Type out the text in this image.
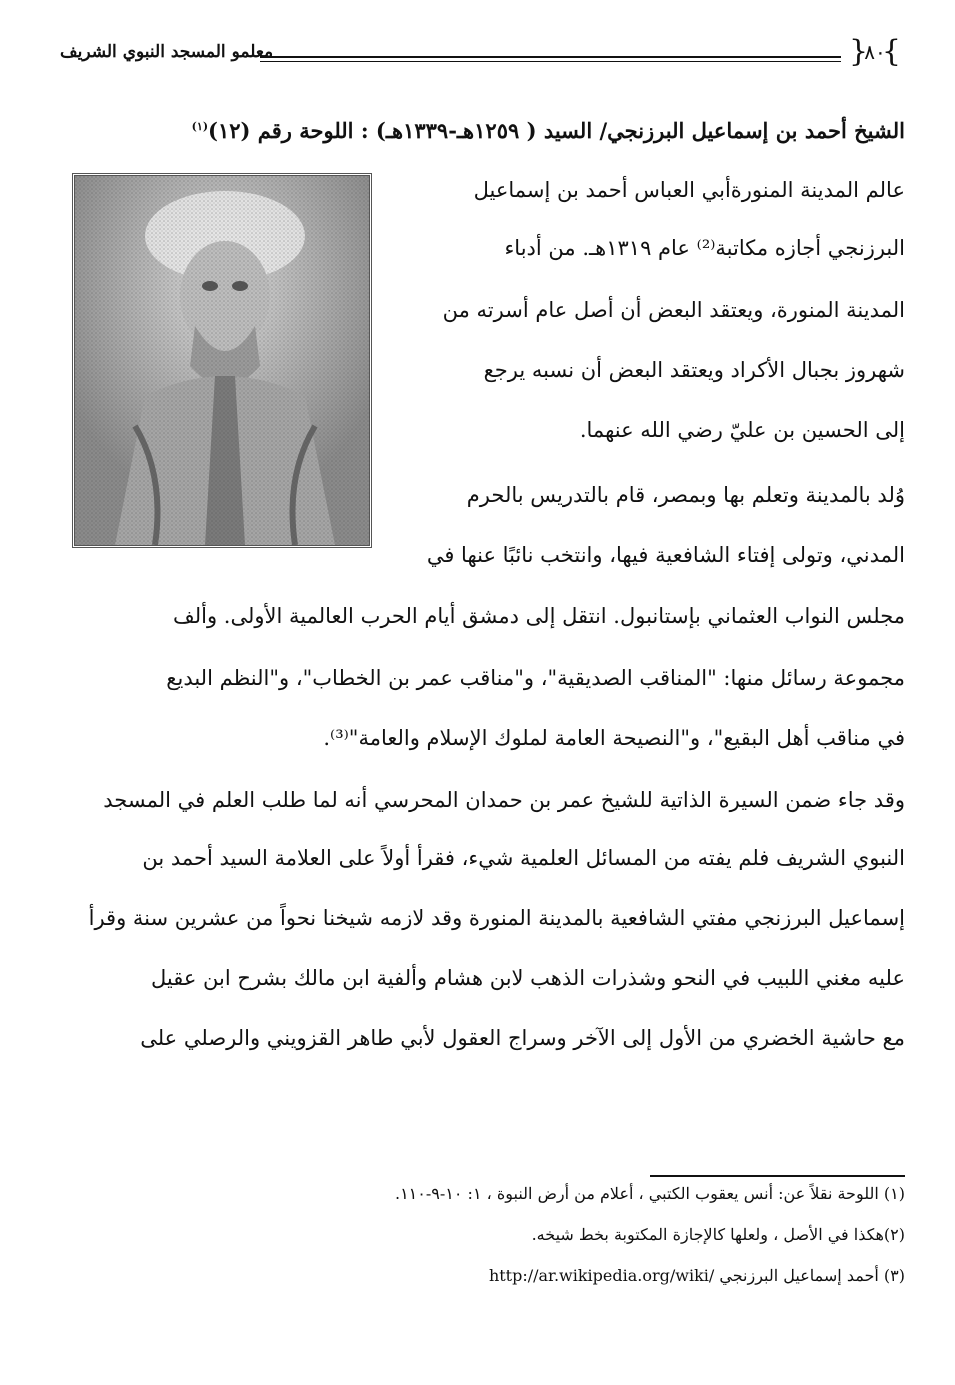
معلمو المسجد النبوي الشريف	{
٨٠
}
الشيخ أحمد بن إسماعيل البرزنجي/ السيد ( ١٢٥٩هـ-١٣٣٩هـ) : اللوحة رقم (١٢)$^{(١)}$
عالم المدينة المنورةأبي العباس أحمد بن إسماعيل
البرزنجي أجازه مكاتبة⁽²⁾ عام ١٣١٩هـ. من أدباء
المدينة المنورة، ويعتقد البعض أن أصل عام أسرته من
شهروز بجبال الأكراد ويعتقد البعض أن نسبه يرجع
إلى الحسين بن عليّ رضي الله عنهما.
وُلد بالمدينة وتعلم بها وبمصر، قام بالتدريس بالحرم
المدني، وتولى إفتاء الشافعية فيها، وانتخب نائبًا عنها في
مجلس النواب العثماني بإستانبول. انتقل إلى دمشق أيام الحرب العالمية الأولى. وألف
مجموعة رسائل منها: "المناقب الصديقية"، و"مناقب عمر بن الخطاب"، و"النظم البديع
في مناقب أهل البقيع"، و"النصيحة العامة لملوك الإسلام والعامة"⁽³⁾.
وقد جاء ضمن السيرة الذاتية للشيخ عمر بن حمدان المحرسي أنه لما طلب العلم في المسجد
النبوي الشريف فلم يفته من المسائل العلمية شيء، فقرأ أولاً على العلامة السيد أحمد بن
إسماعيل البرزنجي مفتي الشافعية بالمدينة المنورة وقد لازمه شيخنا نحواً من عشرين سنة وقرأ
عليه مغني اللبيب في النحو وشذرات الذهب لابن هشام وألفية ابن مالك بشرح ابن عقيل
مع حاشية الخضري من الأول إلى الآخر وسراج العقول لأبي طاهر القزويني والرصلي على
(١) اللوحة نقلاً عن: أنس يعقوب الكتبي ، أعلام من أرض النبوة ، ١: ١٠-٩-١١٠.
(٢)هكذا في الأصل ، ولعلها كالإجازة المكتوبة بخط شيخه.
(٣) أحمد إسماعيل البرزنجي http://ar.wikipedia.org/wiki/
